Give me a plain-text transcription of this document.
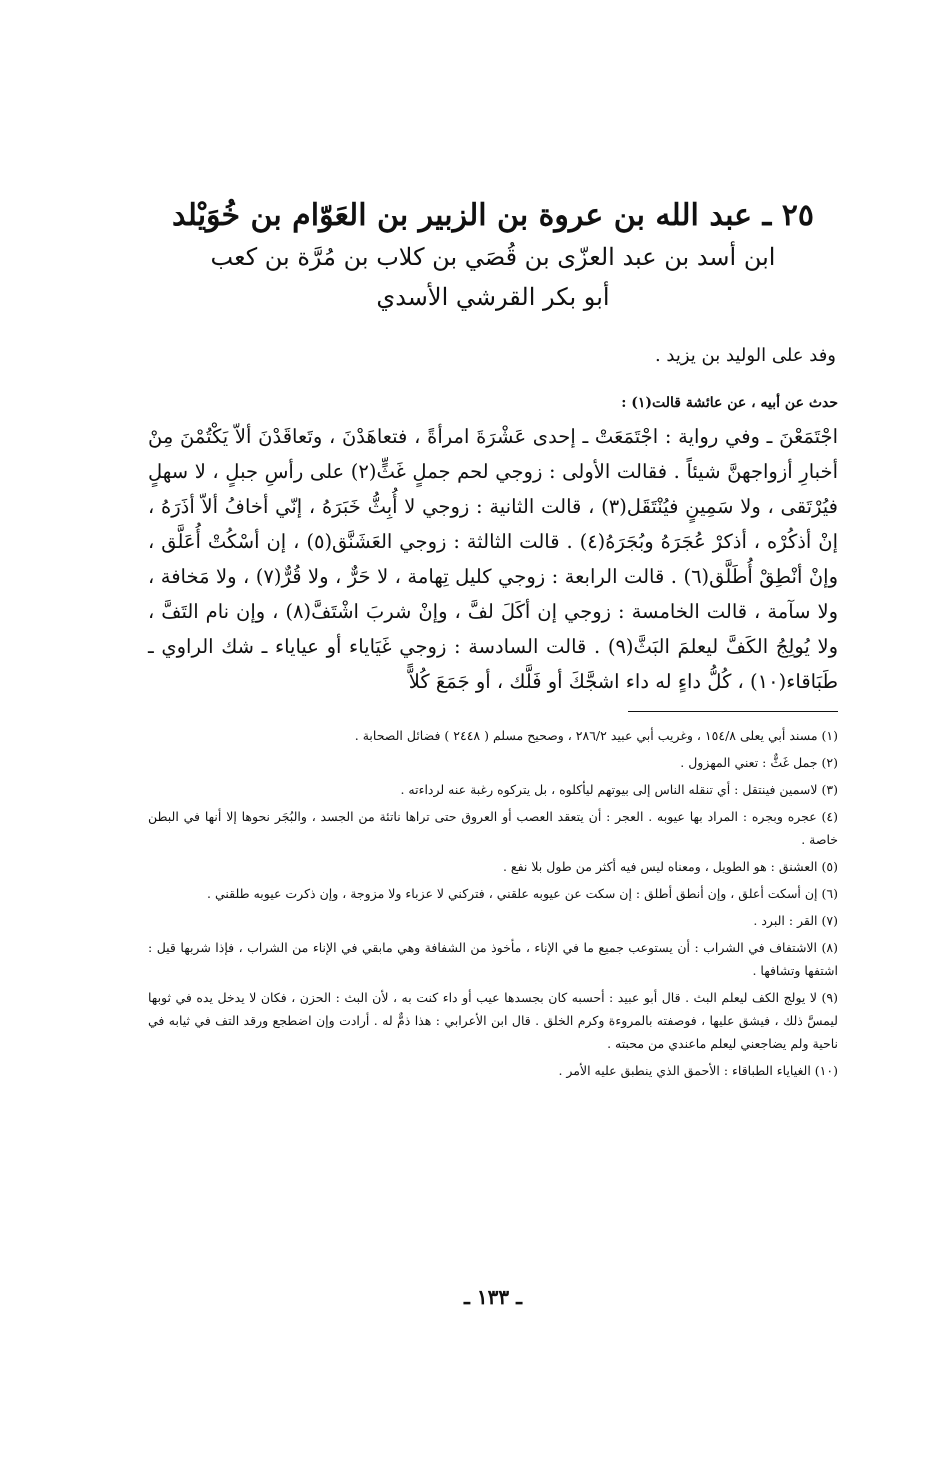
٢٥ ـ عبد الله بن عروة بن الزبير بن العَوّام بن خُوَيْلد
ابن أسد بن عبد العزّى بن قُصَي بن كلاب بن مُرَّة بن كعب
أبو بكر القرشي الأسدي
وفد على الوليد بن يزيد .
حدث عن أبيه ، عن عائشة قالت(١) :
اجْتَمَعْنَ ـ وفي رواية : اجْتَمَعَتْ ـ إحدى عَشْرَةَ امرأةً ، فتعاهَدْنَ ، وتَعاقَدْنَ ألاّ يَكْتُمْنَ مِنْ أخبارِ أزواجهنَّ شيئاً . فقالت الأولى : زوجي لحم جملٍ غَثٍّ(٢) على رأسِ جبلٍ ، لا سهلٍ فيُرْتَقى ، ولا سَمِينٍ فيُنْتَقَل(٣) ، قالت الثانية : زوجي لا أُبِثُّ خَبَرَهُ ، إنّي أخافُ ألاّ أذَرَهُ ، إنْ أذكُرْه ، أذكرْ عُجَرَهُ وبُجَرَهُ(٤) . قالت الثالثة : زوجي العَشَنَّق(٥) ، إن أسْكُتْ أُعَلَّق ، وإنْ أنْطِقْ أُطَلَّق(٦) . قالت الرابعة : زوجي كليل تِهامة ، لا حَرٌّ ، ولا قُرٌّ(٧) ، ولا مَخافة ، ولا سآمة ، قالت الخامسة : زوجي إن أكَلَ لفَّ ، وإنْ شربَ اشْتَفَّ(٨) ، وإن نام التَفَّ ، ولا يُولِجُ الكَفَّ ليعلمَ البَثَّ(٩) . قالت السادسة : زوجي غَيَاياء أو عياياء ـ شك الراوي ـ طَبَاقاء(١٠) ، كُلُّ داءٍ له داء اشجَّكَ أو فَلَّك ، أو جَمَعَ كُلاًّ
(١) مسند أبي يعلى ١٥٤/٨ ، وغريب أبي عبيد ٢٨٦/٢ ، وصحيح مسلم ( ٢٤٤٨ ) فضائل الصحابة .
(٢) جمل غَثٌّ : تعني المهزول .
(٣) لاسمين فينتقل : أي تنقله الناس إلى بيوتهم ليأكلوه ، بل يتركوه رغبة عنه لرداءته .
(٤) عجره وبجره : المراد بها عيوبه . العجر : أن يتعقد العصب أو العروق حتى تراها ناتئة من الجسد ، والبُجَر نحوها إلا أنها في البطن خاصة .
(٥) العشنق : هو الطويل ، ومعناه ليس فيه أكثر من طول بلا نفع .
(٦) إن أسكت أعلق ، وإن أنطق أطلق : إن سكت عن عيوبه علقني ، فتركني لا عزباء ولا مزوجة ، وإن ذكرت عيوبه طلقني .
(٧) القر : البرد .
(٨) الاشتفاف في الشراب : أن يستوعب جميع ما في الإناء ، مأخوذ من الشفافة وهي مابقي في الإناء من الشراب ، فإذا شربها قيل : اشتفها وتشافها .
(٩) لا يولج الكف ليعلم البث . قال أبو عبيد : أحسبه كان بجسدها عيب أو داء كنت به ، لأن البث : الحزن ، فكان لا يدخل يده في ثوبها ليمسَّ ذلك ، فيشق عليها ، فوصفته بالمروءة وكرم الخلق . قال ابن الأعرابي : هذا ذمٌّ له . أرادت وإن اضطجع ورقد التف في ثيابه في ناحية ولم يضاجعني ليعلم ماعندي من محبته .
(١٠) الغياياء الطباقاء : الأحمق الذي ينطبق عليه الأمر .
ـ ١٣٣ ـ
